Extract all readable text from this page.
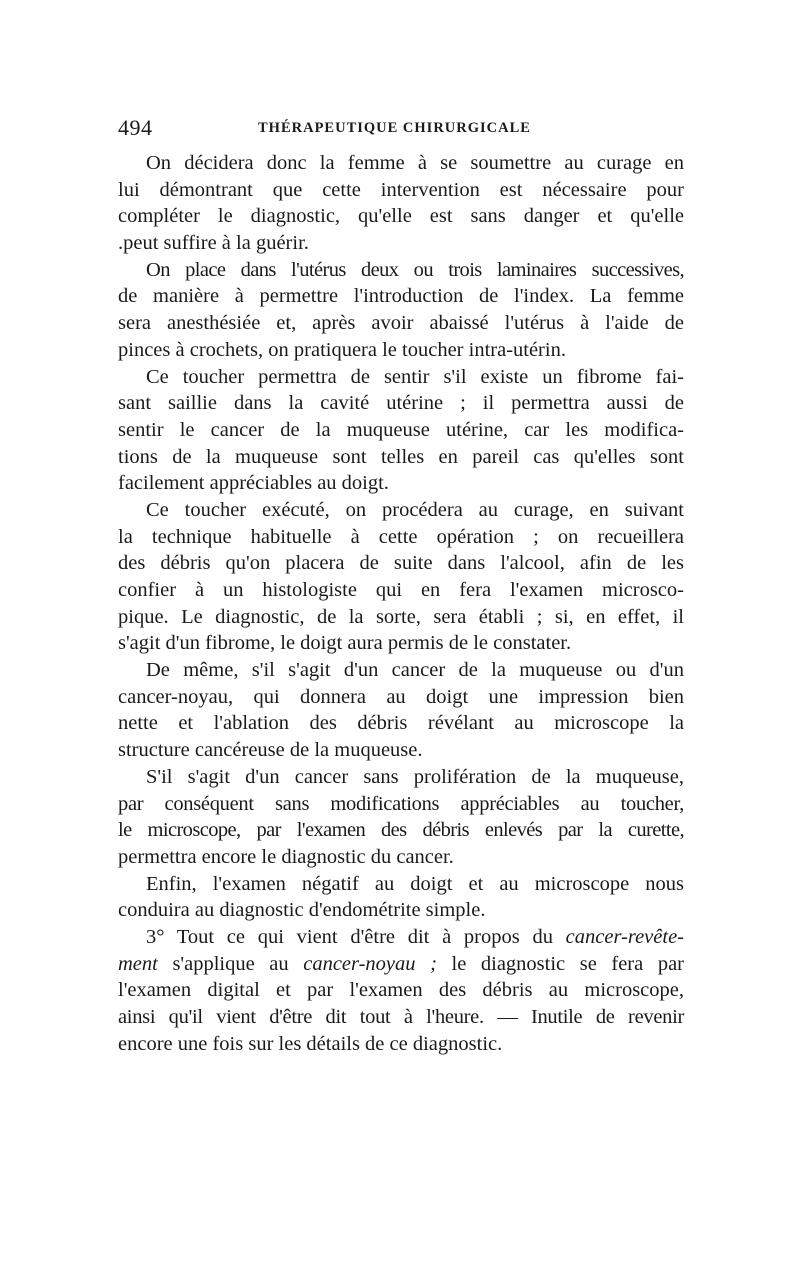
494	THÉRAPEUTIQUE CHIRURGICALE
On décidera donc la femme à se soumettre au curage en
lui démontrant que cette intervention est nécessaire pour
compléter le diagnostic, qu'elle est sans danger et qu'elle
.peut suffire à la guérir.
On place dans l'utérus deux ou trois laminaires successives,
de manière à permettre l'introduction de l'index. La femme
sera anesthésiée et, après avoir abaissé l'utérus à l'aide de
pinces à crochets, on pratiquera le toucher intra-utérin.
Ce toucher permettra de sentir s'il existe un fibrome fai-
sant saillie dans la cavité utérine ; il permettra aussi de
sentir le cancer de la muqueuse utérine, car les modifica-
tions de la muqueuse sont telles en pareil cas qu'elles sont
facilement appréciables au doigt.
Ce toucher exécuté, on procédera au curage, en suivant
la technique habituelle à cette opération ; on recueillera
des débris qu'on placera de suite dans l'alcool, afin de les
confier à un histologiste qui en fera l'examen microsco-
pique. Le diagnostic, de la sorte, sera établi ; si, en effet, il
s'agit d'un fibrome, le doigt aura permis de le constater.
De même, s'il s'agit d'un cancer de la muqueuse ou d'un
cancer-noyau, qui donnera au doigt une impression bien
nette et l'ablation des débris révélant au microscope la
structure cancéreuse de la muqueuse.
S'il s'agit d'un cancer sans prolifération de la muqueuse,
par conséquent sans modifications appréciables au toucher,
le microscope, par l'examen des débris enlevés par la curette,
permettra encore le diagnostic du cancer.
Enfin, l'examen négatif au doigt et au microscope nous
conduira au diagnostic d'endométrite simple.
3° Tout ce qui vient d'être dit à propos du cancer-revête-
ment s'applique au cancer-noyau ; le diagnostic se fera par
l'examen digital et par l'examen des débris au microscope,
ainsi qu'il vient d'être dit tout à l'heure. — Inutile de revenir
encore une fois sur les détails de ce diagnostic.
